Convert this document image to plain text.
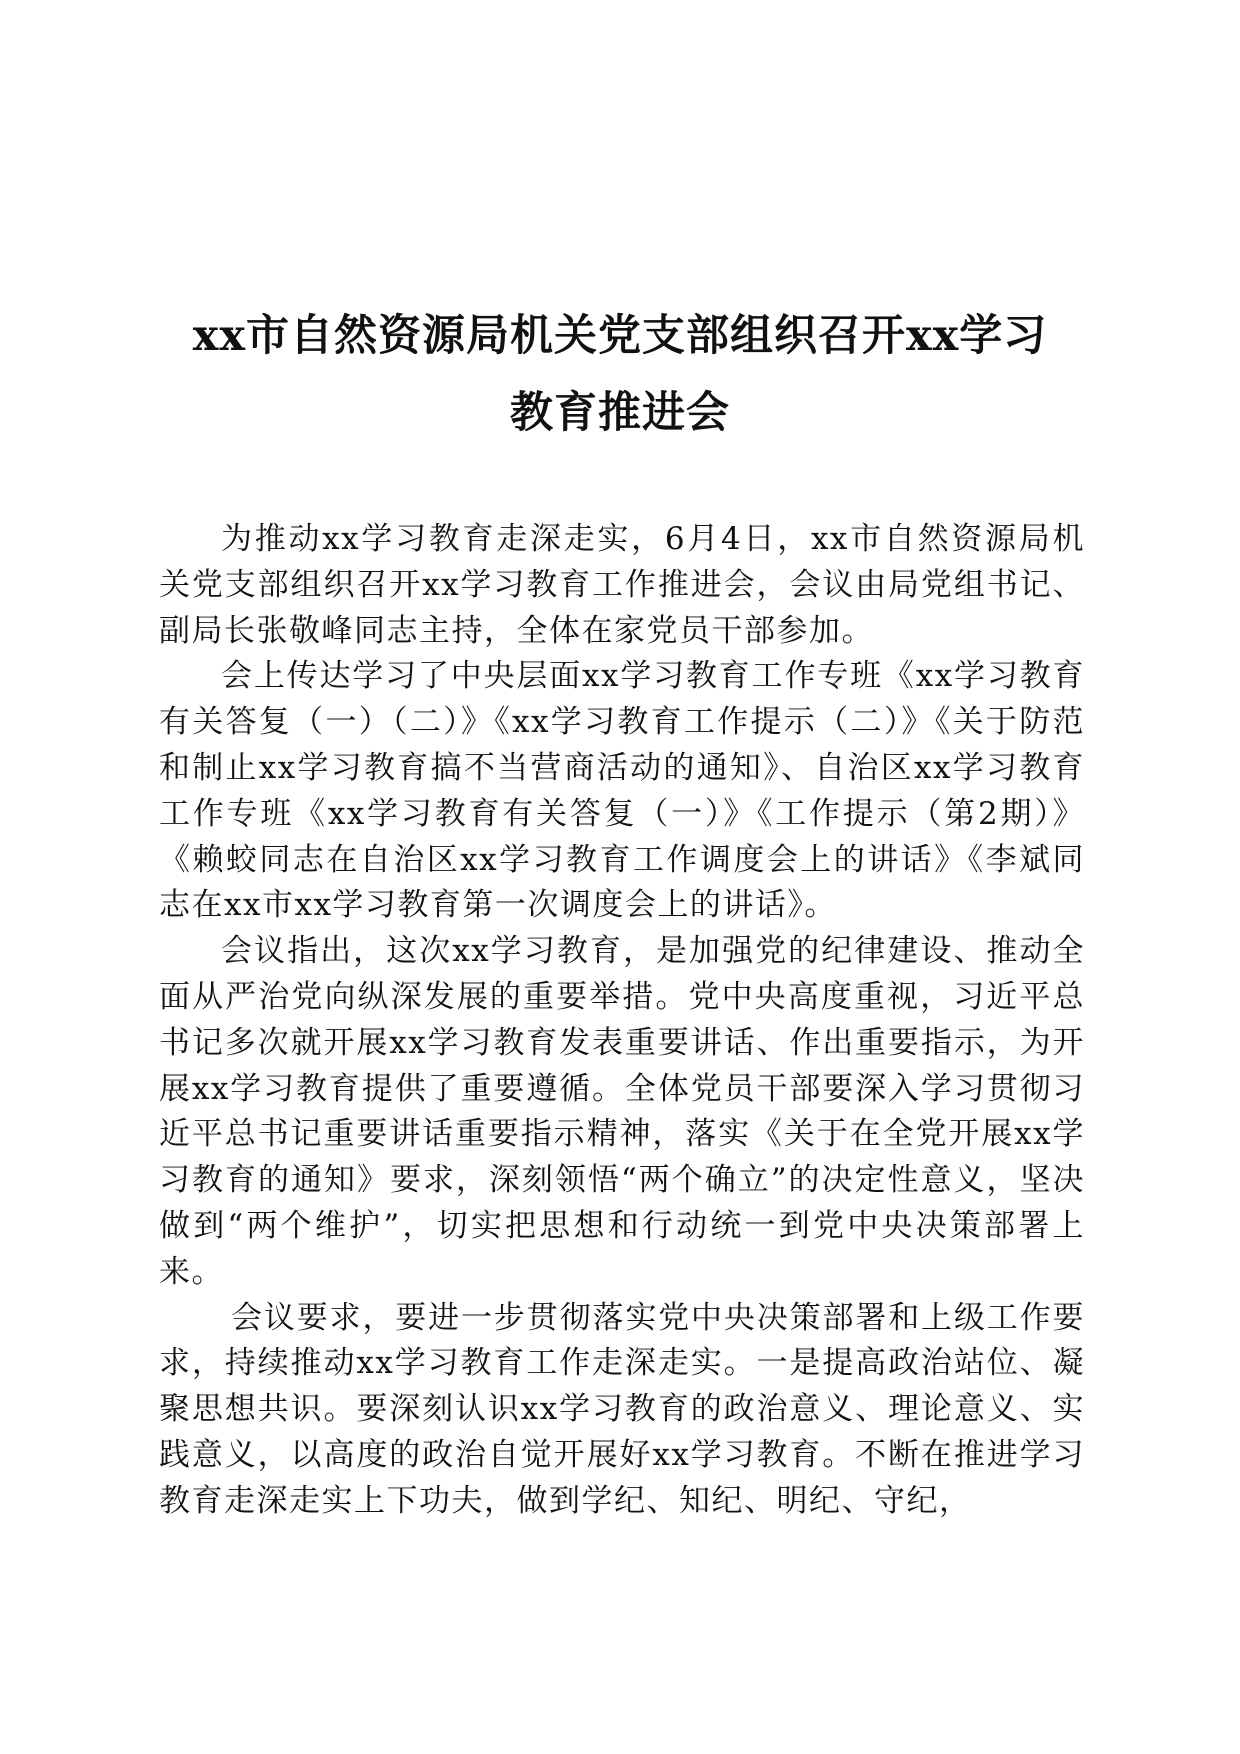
xx市自然资源局机关党支部组织召开xx学习
教育推进会

为推动xx学习教育走深走实，6月4日，xx市自然资源局机关党支部组织召开xx学习教育工作推进会，会议由局党组书记、副局长张敬峰同志主持，全体在家党员干部参加。

会上传达学习了中央层面xx学习教育工作专班《xx学习教育有关答复（一）（二）》《xx学习教育工作提示（二）》《关于防范和制止xx学习教育搞不当营商活动的通知》、自治区xx学习教育工作专班《xx学习教育有关答复（一）》《工作提示（第2期）》《赖蛟同志在自治区xx学习教育工作调度会上的讲话》《李斌同志在xx市xx学习教育第一次调度会上的讲话》。

会议指出，这次xx学习教育，是加强党的纪律建设、推动全面从严治党向纵深发展的重要举措。党中央高度重视，习近平总书记多次就开展xx学习教育发表重要讲话、作出重要指示，为开展xx学习教育提供了重要遵循。全体党员干部要深入学习贯彻习近平总书记重要讲话重要指示精神，落实《关于在全党开展xx学习教育的通知》要求，深刻领悟“两个确立”的决定性意义，坚决做到“两个维护”，切实把思想和行动统一到党中央决策部署上来。

会议要求，要进一步贯彻落实党中央决策部署和上级工作要求，持续推动xx学习教育工作走深走实。一是提高政治站位、凝聚思想共识。要深刻认识xx学习教育的政治意义、理论意义、实践意义，以高度的政治自觉开展好xx学习教育。不断在推进学习教育走深走实上下功夫，做到学纪、知纪、明纪、守纪，
